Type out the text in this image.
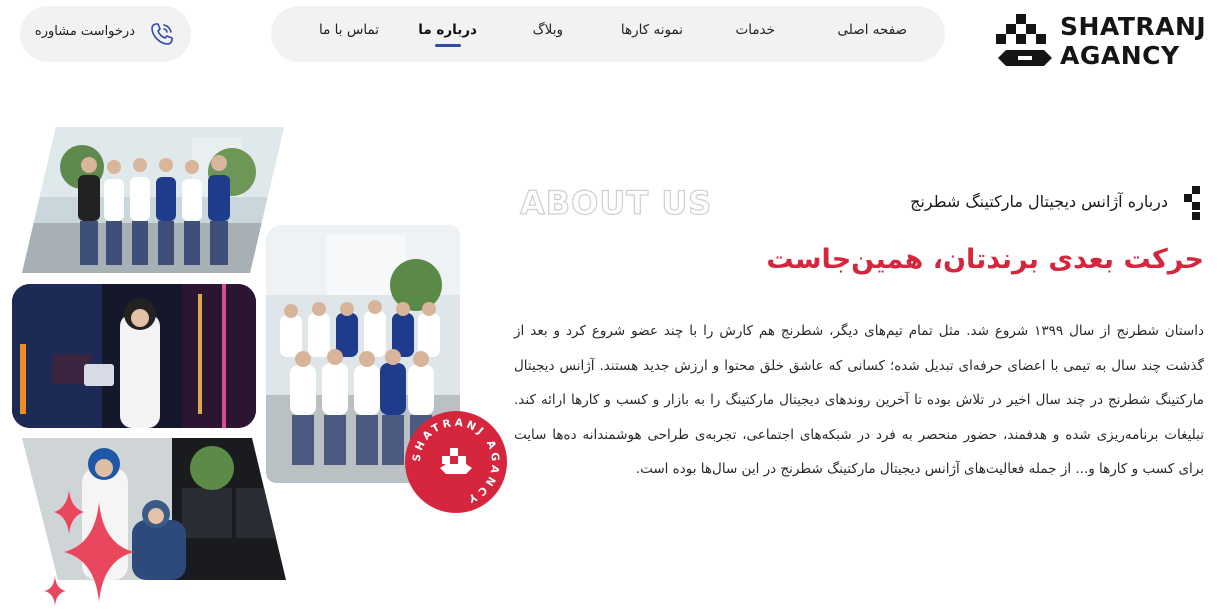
SHATRANJ
AGANCY
صفحه اصلی
خدمات
نمونه کارها
وبلاگ
درباره ما
تماس با ما
درخواست مشاوره
درباره آژانس دیجیتال مارکتینگ شطرنج
ABOUT US
حرکت بعدی برندتان، همین‌جاست

داستان شطرنج از سال ۱۳۹۹ شروع شد. مثل تمام تیم‌های دیگر، شطرنج هم کارش را با چند عضو شروع کرد و بعد از گذشت چند سال به تیمی با اعضای حرفه‌ای تبدیل شده؛ کسانی که عاشق خلق محتوا و ارزش جدید هستند. آژانس دیجیتال مارکتینگ شطرنج در چند سال اخیر در تلاش بوده تا آخرین روندهای دیجیتال مارکتینگ را به بازار و کسب و کارها ارائه کند. تبلیغات برنامه‌ریزی شده و هدفمند، حضور منحصر به فرد در شبکه‌های اجتماعی، تجربه‌ی طراحی هوشمندانه ده‌ها سایت برای کسب و کارها و... از جمله فعالیت‌های آژانس دیجیتال مارکتینگ شطرنج در این سال‌ها بوده است.

SHATRANJ AGANCY
